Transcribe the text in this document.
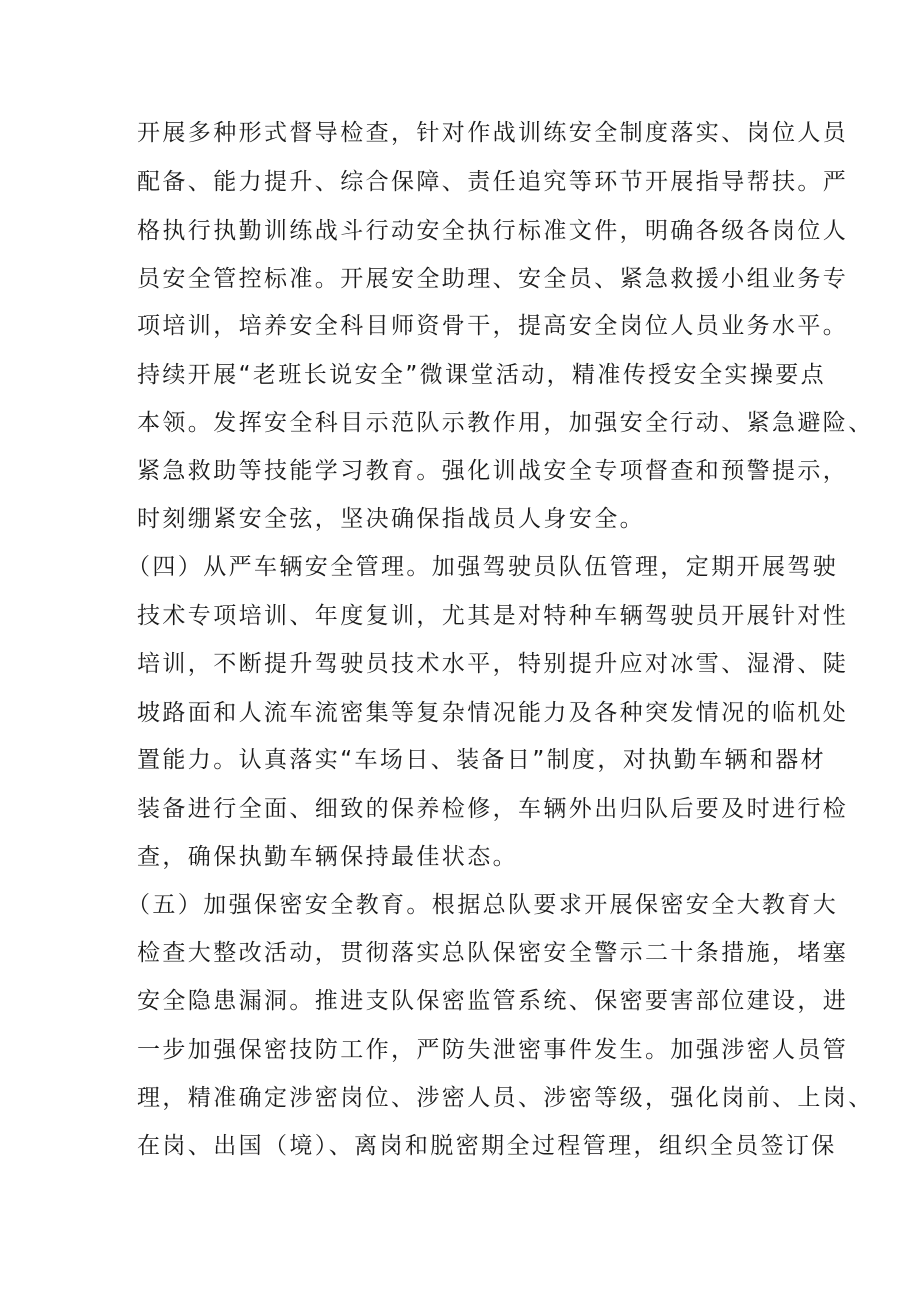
开展多种形式督导检查，针对作战训练安全制度落实、岗位人员
配备、能力提升、综合保障、责任追究等环节开展指导帮扶。严
格执行执勤训练战斗行动安全执行标准文件，明确各级各岗位人
员安全管控标准。开展安全助理、安全员、紧急救援小组业务专
项培训，培养安全科目师资骨干，提高安全岗位人员业务水平。
持续开展“老班长说安全”微课堂活动，精准传授安全实操要点
本领。发挥安全科目示范队示教作用，加强安全行动、紧急避险、
紧急救助等技能学习教育。强化训战安全专项督查和预警提示，
时刻绷紧安全弦，坚决确保指战员人身安全。
（四）从严车辆安全管理。加强驾驶员队伍管理，定期开展驾驶
技术专项培训、年度复训，尤其是对特种车辆驾驶员开展针对性
培训，不断提升驾驶员技术水平，特别提升应对冰雪、湿滑、陡
坡路面和人流车流密集等复杂情况能力及各种突发情况的临机处
置能力。认真落实“车场日、装备日”制度，对执勤车辆和器材
装备进行全面、细致的保养检修，车辆外出归队后要及时进行检
查，确保执勤车辆保持最佳状态。
（五）加强保密安全教育。根据总队要求开展保密安全大教育大
检查大整改活动，贯彻落实总队保密安全警示二十条措施，堵塞
安全隐患漏洞。推进支队保密监管系统、保密要害部位建设，进
一步加强保密技防工作，严防失泄密事件发生。加强涉密人员管
理，精准确定涉密岗位、涉密人员、涉密等级，强化岗前、上岗、
在岗、出国（境）、离岗和脱密期全过程管理，组织全员签订保
